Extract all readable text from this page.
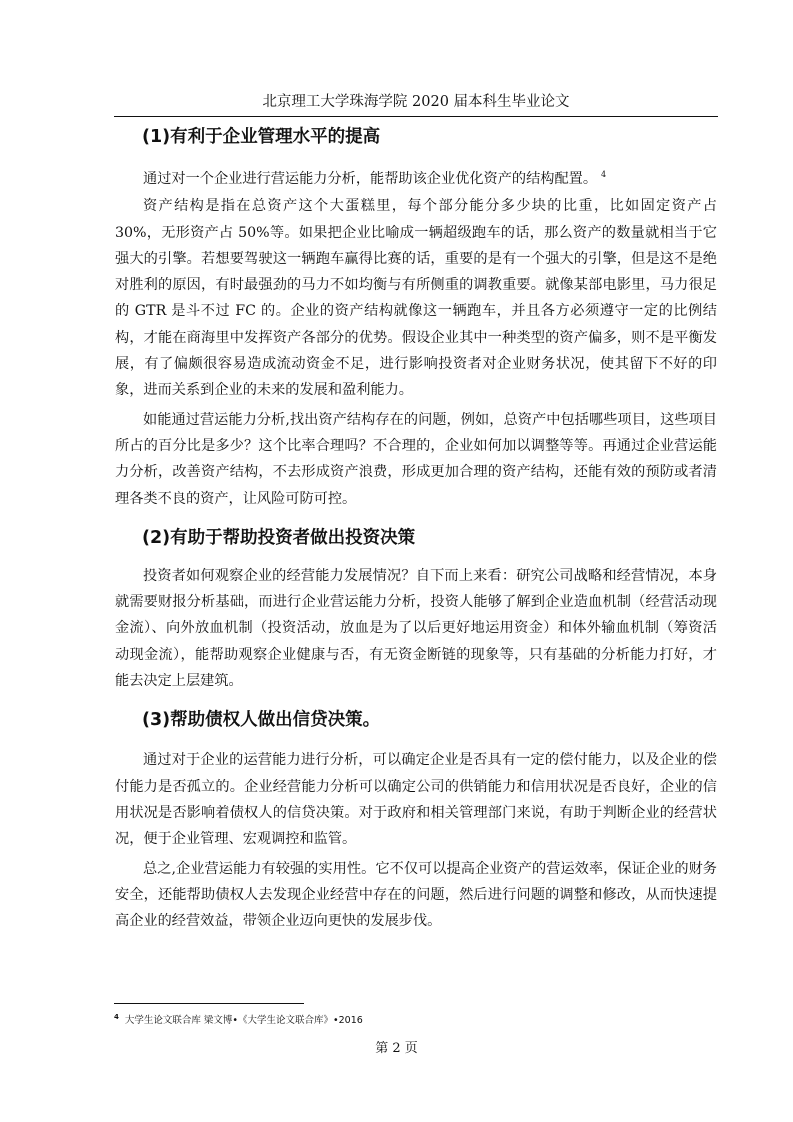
北京理工大学珠海学院 2020 届本科生毕业论文
(1)有利于企业管理水平的提高

通过对一个企业进行营运能力分析，能帮助该企业优化资产的结构配置。 $^4$

资产结构是指在总资产这个大蛋糕里，每个部分能分多少块的比重，比如固定资产占 30%，无形资产占 50%等。如果把企业比喻成一辆超级跑车的话，那么资产的数量就相当于它强大的引擎。若想要驾驶这一辆跑车赢得比赛的话，重要的是有一个强大的引擎，但是这不是绝对胜利的原因，有时最强劲的马力不如均衡与有所侧重的调教重要。就像某部电影里，马力很足的 GTR 是斗不过 FC 的。企业的资产结构就像这一辆跑车，并且各方必须遵守一定的比例结构，才能在商海里中发挥资产各部分的优势。假设企业其中一种类型的资产偏多，则不是平衡发展，有了偏颇很容易造成流动资金不足，进行影响投资者对企业财务状况，使其留下不好的印象，进而关系到企业的未来的发展和盈利能力。

如能通过营运能力分析,找出资产结构存在的问题，例如，总资产中包括哪些项目，这些项目所占的百分比是多少？这个比率合理吗？不合理的，企业如何加以调整等等。再通过企业营运能力分析，改善资产结构，不去形成资产浪费，形成更加合理的资产结构，还能有效的预防或者清理各类不良的资产，让风险可防可控。

(2)有助于帮助投资者做出投资决策

投资者如何观察企业的经营能力发展情况？自下而上来看：研究公司战略和经营情况，本身就需要财报分析基础，而进行企业营运能力分析，投资人能够了解到企业造血机制（经营活动现金流）、向外放血机制（投资活动，放血是为了以后更好地运用资金）和体外输血机制（筹资活动现金流），能帮助观察企业健康与否，有无资金断链的现象等，只有基础的分析能力打好，才能去决定上层建筑。

(3)帮助债权人做出信贷决策。

通过对于企业的运营能力进行分析，可以确定企业是否具有一定的偿付能力，以及企业的偿付能力是否孤立的。企业经营能力分析可以确定公司的供销能力和信用状况是否良好，企业的信用状况是否影响着债权人的信贷决策。对于政府和相关管理部门来说，有助于判断企业的经营状况，便于企业管理、宏观调控和监管。

总之,企业营运能力有较强的实用性。它不仅可以提高企业资产的营运效率，保证企业的财务安全，还能帮助债权人去发现企业经营中存在的问题，然后进行问题的调整和修改，从而快速提高企业的经营效益，带领企业迈向更快的发展步伐。

$^4$ 大学生论文联合库 梁文博•《大学生论文联合库》•2016
第 2 页
